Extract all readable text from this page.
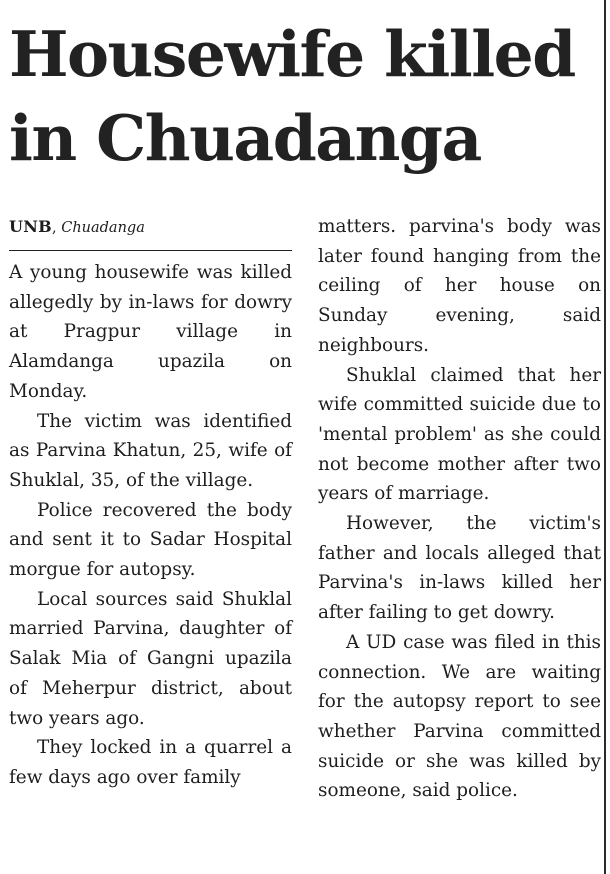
Housewife killed in Chuadanga
UNB, Chuadanga

A young housewife was killed allegedly by in-laws for dowry at Pragpur village in Alamdanga upazila on Monday.

The victim was identified as Parvina Khatun, 25, wife of Shuklal, 35, of the village.

Police recovered the body and sent it to Sadar Hospital morgue for autopsy.

Local sources said Shuklal married Parvina, daughter of Salak Mia of Gangni upazila of Meherpur district, about two years ago.

They locked in a quarrel a few days ago over family

matters. parvina's body was later found hanging from the ceiling of her house on Sunday evening, said neighbours.

Shuklal claimed that her wife committed suicide due to 'mental problem' as she could not become mother after two years of marriage.

However, the victim's father and locals alleged that Parvina's in-laws killed her after failing to get dowry.

A UD case was filed in this connection. We are waiting for the autopsy report to see whether Parvina committed suicide or she was killed by someone, said police.
